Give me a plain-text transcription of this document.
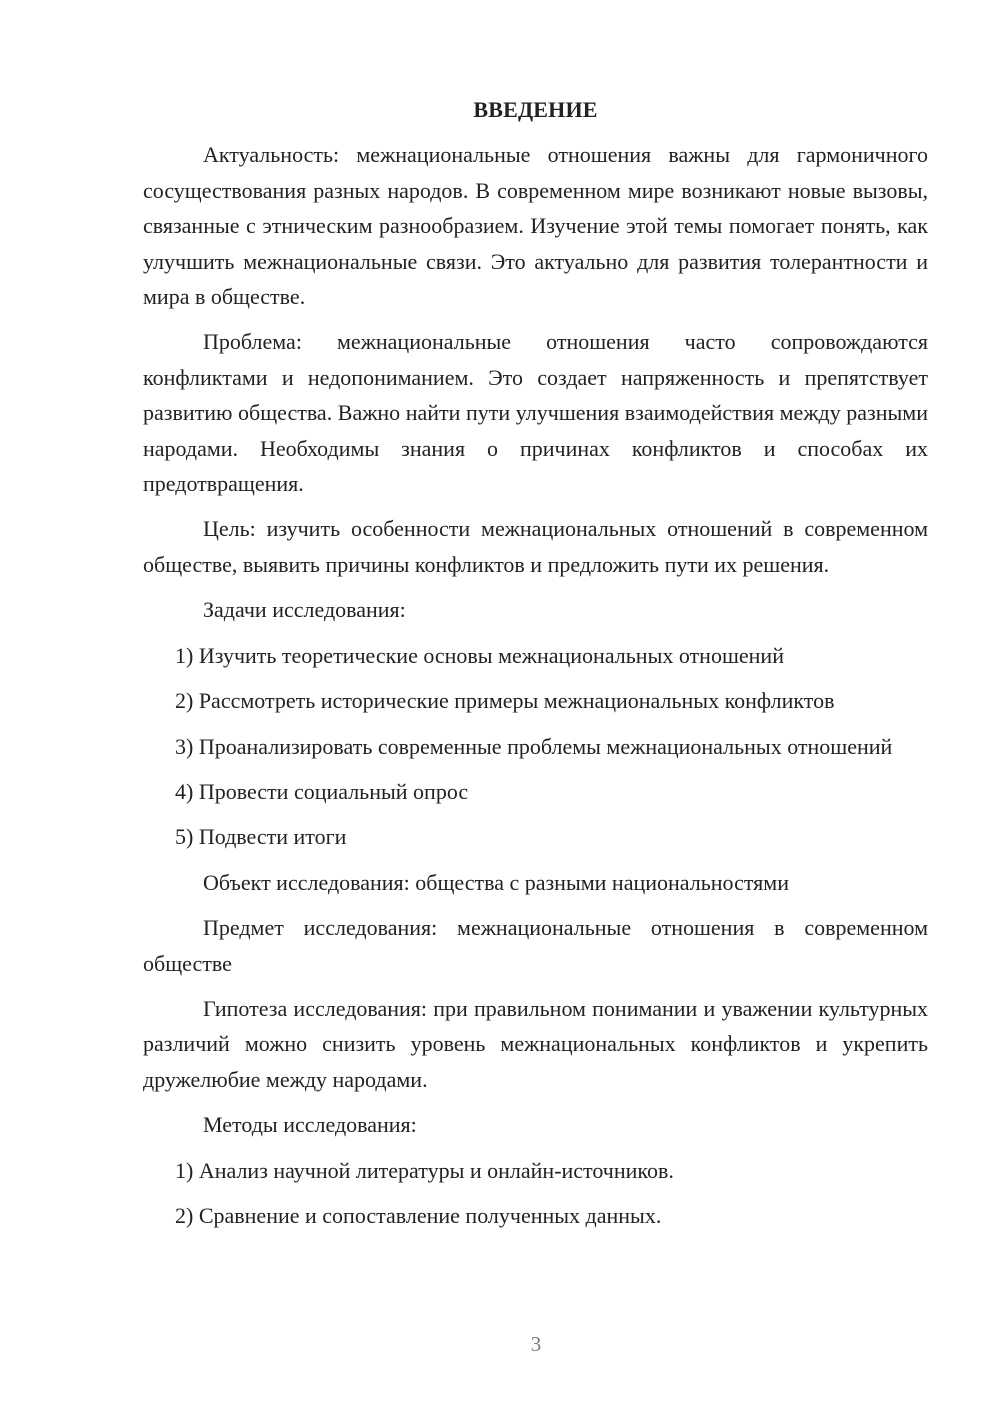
ВВЕДЕНИЕ

Актуальность: межнациональные отношения важны для гармоничного сосуществования разных народов. В современном мире возникают новые вызовы, связанные с этническим разнообразием. Изучение этой темы помогает понять, как улучшить межнациональные связи. Это актуально для развития толерантности и мира в обществе.

Проблема: межнациональные отношения часто сопровождаются конфликтами и недопониманием. Это создает напряженность и препятствует развитию общества. Важно найти пути улучшения взаимодействия между разными народами. Необходимы знания о причинах конфликтов и способах их предотвращения.

Цель: изучить особенности межнациональных отношений в современном обществе, выявить причины конфликтов и предложить пути их решения.

Задачи исследования:

1) Изучить теоретические основы межнациональных отношений

2) Рассмотреть исторические примеры межнациональных конфликтов

3) Проанализировать современные проблемы межнациональных отношений

4) Провести социальный опрос

5) Подвести итоги

Объект исследования: общества с разными национальностями

Предмет исследования: межнациональные отношения в современном обществе

Гипотеза исследования: при правильном понимании и уважении культурных различий можно снизить уровень межнациональных конфликтов и укрепить дружелюбие между народами.

Методы исследования:

1) Анализ научной литературы и онлайн-источников.

2) Сравнение и сопоставление полученных данных.

3
